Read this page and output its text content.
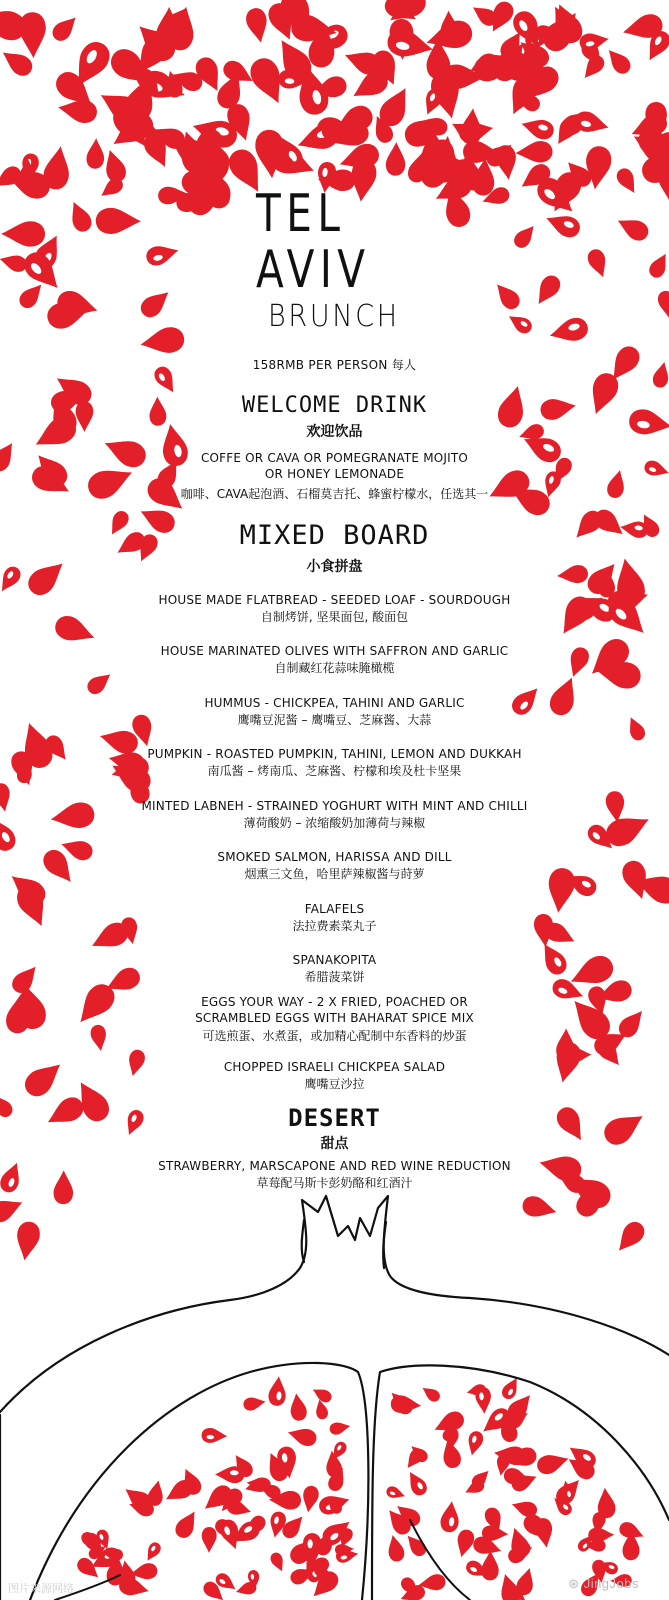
TEL
AVIV
BRUNCH
158RMB PER PERSON 每人
WELCOME DRINK
欢迎饮品
COFFE OR CAVA OR POMEGRANATE MOJITO
OR HONEY LEMONADE
咖啡、CAVA起泡酒、石榴莫吉托、蜂蜜柠檬水，任选其一
MIXED BOARD
小食拼盘
HOUSE MADE FLATBREAD - SEEDED LOAF - SOURDOUGH
自制烤饼, 坚果面包, 酸面包
HOUSE MARINATED OLIVES WITH SAFFRON AND GARLIC
自制藏红花蒜味腌橄榄
HUMMUS - CHICKPEA, TAHINI AND GARLIC
鹰嘴豆泥酱 – 鹰嘴豆、芝麻酱、大蒜
PUMPKIN - ROASTED PUMPKIN, TAHINI, LEMON AND DUKKAH
南瓜酱 – 烤南瓜、芝麻酱、柠檬和埃及杜卡坚果
MINTED LABNEH - STRAINED YOGHURT WITH MINT AND CHILLI
薄荷酸奶 – 浓缩酸奶加薄荷与辣椒
SMOKED SALMON, HARISSA AND DILL
烟熏三文鱼，哈里萨辣椒酱与莳萝
FALAFELS
法拉费素菜丸子
SPANAKOPITA
希腊菠菜饼
EGGS YOUR WAY - 2 X FRIED, POACHED OR
SCRAMBLED EGGS WITH BAHARAT SPICE MIX
可选煎蛋、水煮蛋，或加精心配制中东香料的炒蛋
CHOPPED ISRAELI CHICKPEA SALAD
鹰嘴豆沙拉
DESERT
甜点
STRAWBERRY, MARSCAPONE AND RED WINE REDUCTION
草莓配马斯卡彭奶酪和红酒汁
⊛ JingJobs
图片来源网络
